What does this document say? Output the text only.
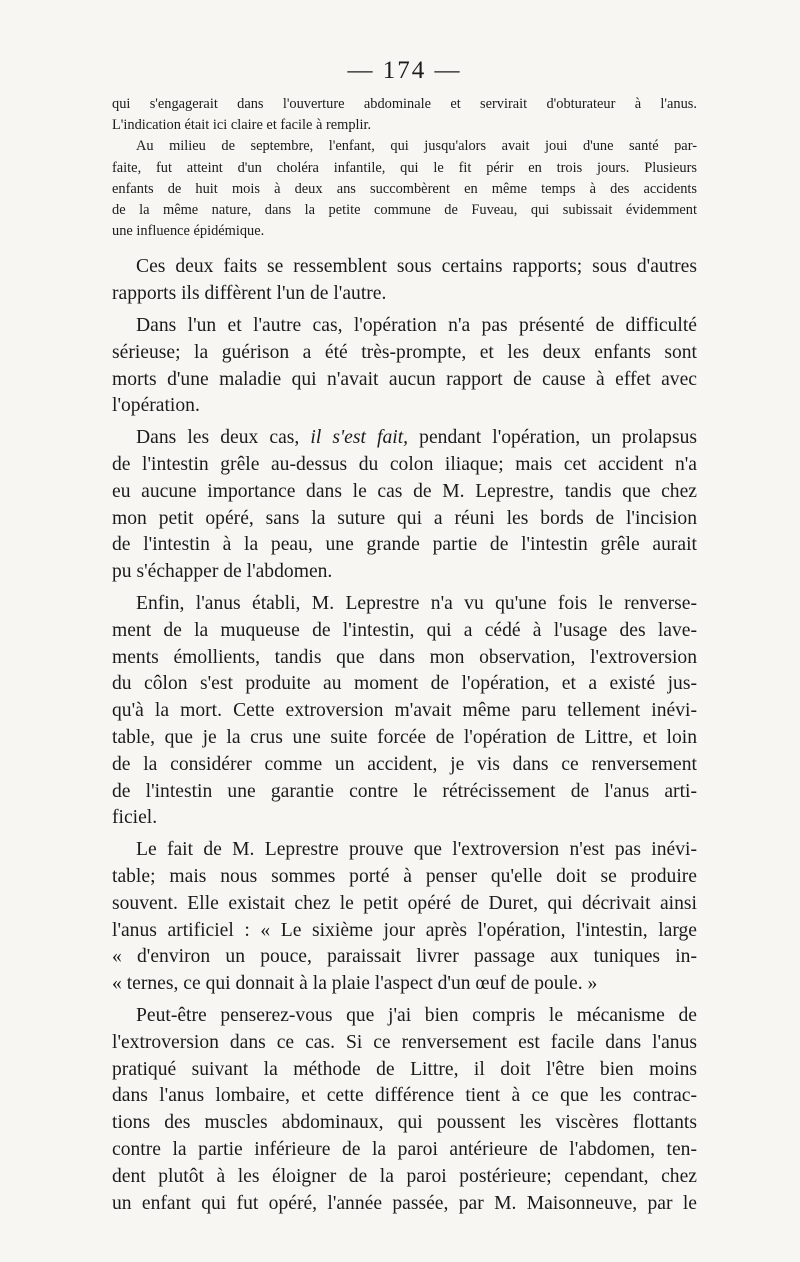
— 174 —

qui s'engagerait dans l'ouverture abdominale et servirait d'obturateur à l'anus.
L'indication était ici claire et facile à remplir.

Au milieu de septembre, l'enfant, qui jusqu'alors avait joui d'une santé par-
faite, fut atteint d'un choléra infantile, qui le fit périr en trois jours. Plusieurs
enfants de huit mois à deux ans succombèrent en même temps à des accidents
de la même nature, dans la petite commune de Fuveau, qui subissait évidemment
une influence épidémique.

Ces deux faits se ressemblent sous certains rapports; sous d'autres
rapports ils diffèrent l'un de l'autre.

Dans l'un et l'autre cas, l'opération n'a pas présenté de difficulté
sérieuse; la guérison a été très-prompte, et les deux enfants sont
morts d'une maladie qui n'avait aucun rapport de cause à effet avec
l'opération.

Dans les deux cas, il s'est fait, pendant l'opération, un prolapsus
de l'intestin grêle au-dessus du colon iliaque; mais cet accident n'a
eu aucune importance dans le cas de M. Leprestre, tandis que chez
mon petit opéré, sans la suture qui a réuni les bords de l'incision
de l'intestin à la peau, une grande partie de l'intestin grêle aurait
pu s'échapper de l'abdomen.

Enfin, l'anus établi, M. Leprestre n'a vu qu'une fois le renverse-
ment de la muqueuse de l'intestin, qui a cédé à l'usage des lave-
ments émollients, tandis que dans mon observation, l'extroversion
du côlon s'est produite au moment de l'opération, et a existé jus-
qu'à la mort. Cette extroversion m'avait même paru tellement inévi-
table, que je la crus une suite forcée de l'opération de Littre, et loin
de la considérer comme un accident, je vis dans ce renversement
de l'intestin une garantie contre le rétrécissement de l'anus arti-
ficiel.

Le fait de M. Leprestre prouve que l'extroversion n'est pas inévi-
table; mais nous sommes porté à penser qu'elle doit se produire
souvent. Elle existait chez le petit opéré de Duret, qui décrivait ainsi
l'anus artificiel : « Le sixième jour après l'opération, l'intestin, large
« d'environ un pouce, paraissait livrer passage aux tuniques in-
« ternes, ce qui donnait à la plaie l'aspect d'un œuf de poule. »

Peut-être penserez-vous que j'ai bien compris le mécanisme de
l'extroversion dans ce cas. Si ce renversement est facile dans l'anus
pratiqué suivant la méthode de Littre, il doit l'être bien moins
dans l'anus lombaire, et cette différence tient à ce que les contrac-
tions des muscles abdominaux, qui poussent les viscères flottants
contre la partie inférieure de la paroi antérieure de l'abdomen, ten-
dent plutôt à les éloigner de la paroi postérieure; cependant, chez
un enfant qui fut opéré, l'année passée, par M. Maisonneuve, par le
